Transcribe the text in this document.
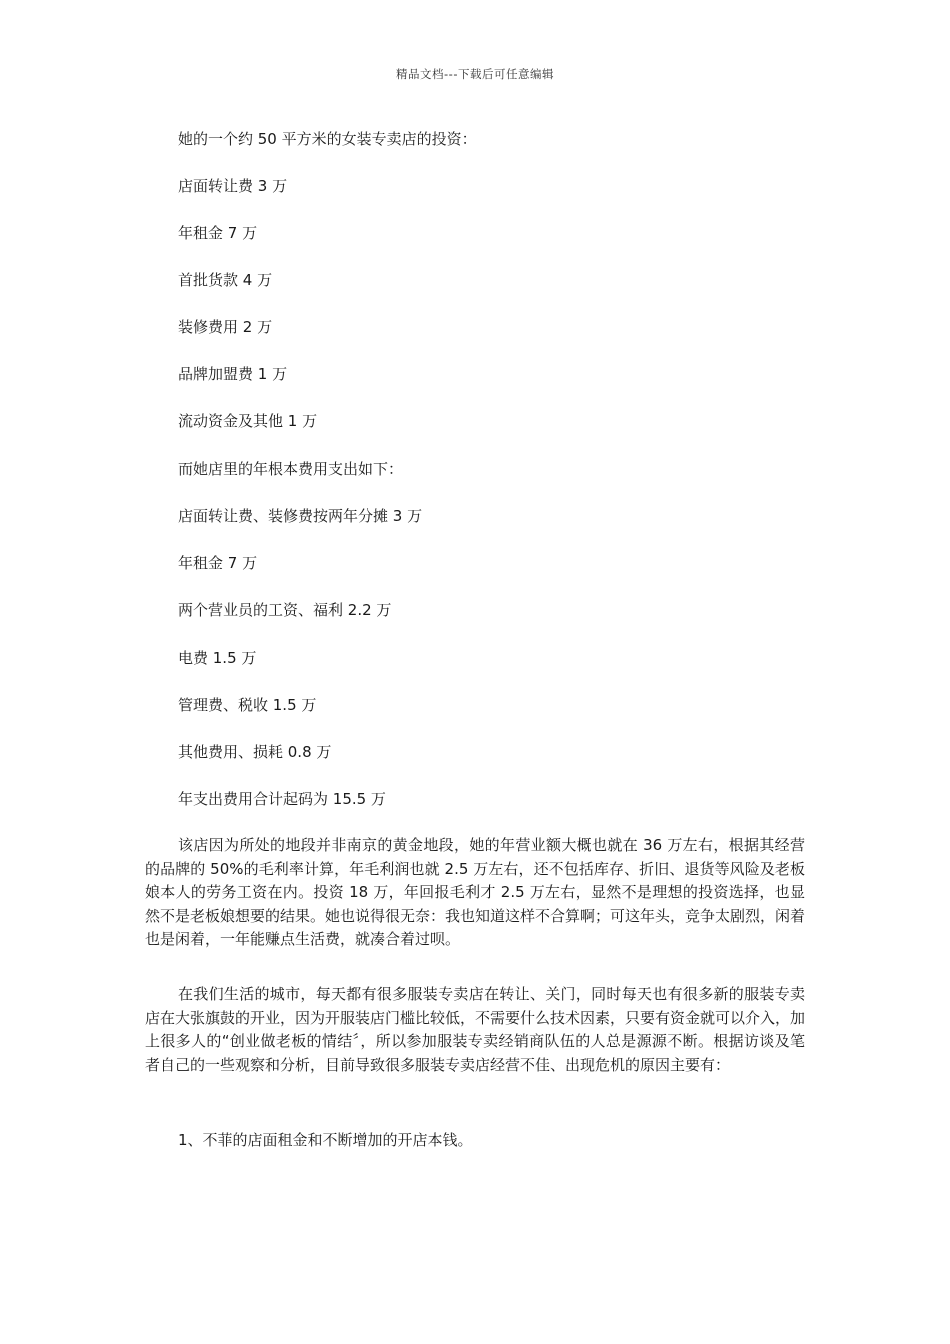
精品文档---下载后可任意编辑
她的一个约 50 平方米的女装专卖店的投资：
店面转让费 3 万
年租金 7 万
首批货款 4 万
装修费用 2 万
品牌加盟费 1 万
流动资金及其他 1 万
而她店里的年根本费用支出如下：
店面转让费、装修费按两年分摊 3 万
年租金 7 万
两个营业员的工资、福利 2.2 万
电费 1.5 万
管理费、税收 1.5 万
其他费用、损耗 0.8 万
年支出费用合计起码为 15.5 万
该店因为所处的地段并非南京的黄金地段，她的年营业额大概也就在 36 万左右，根据其经营的品牌的 50%的毛利率计算，年毛利润也就 2.5 万左右，还不包括库存、折旧、退货等风险及老板娘本人的劳务工资在内。投资 18 万，年回报毛利才 2.5 万左右，显然不是理想的投资选择，也显然不是老板娘想要的结果。她也说得很无奈：我也知道这样不合算啊；可这年头，竞争太剧烈，闲着也是闲着，一年能赚点生活费，就凑合着过呗。
在我们生活的城市，每天都有很多服装专卖店在转让、关门，同时每天也有很多新的服装专卖店在大张旗鼓的开业，因为开服装店门槛比较低，不需要什么技术因素，只要有资金就可以介入，加上很多人的“创业做老板的情结〞，所以参加服装专卖经销商队伍的人总是源源不断。根据访谈及笔者自己的一些观察和分析，目前导致很多服装专卖店经营不佳、出现危机的原因主要有：
1、不菲的店面租金和不断增加的开店本钱。
